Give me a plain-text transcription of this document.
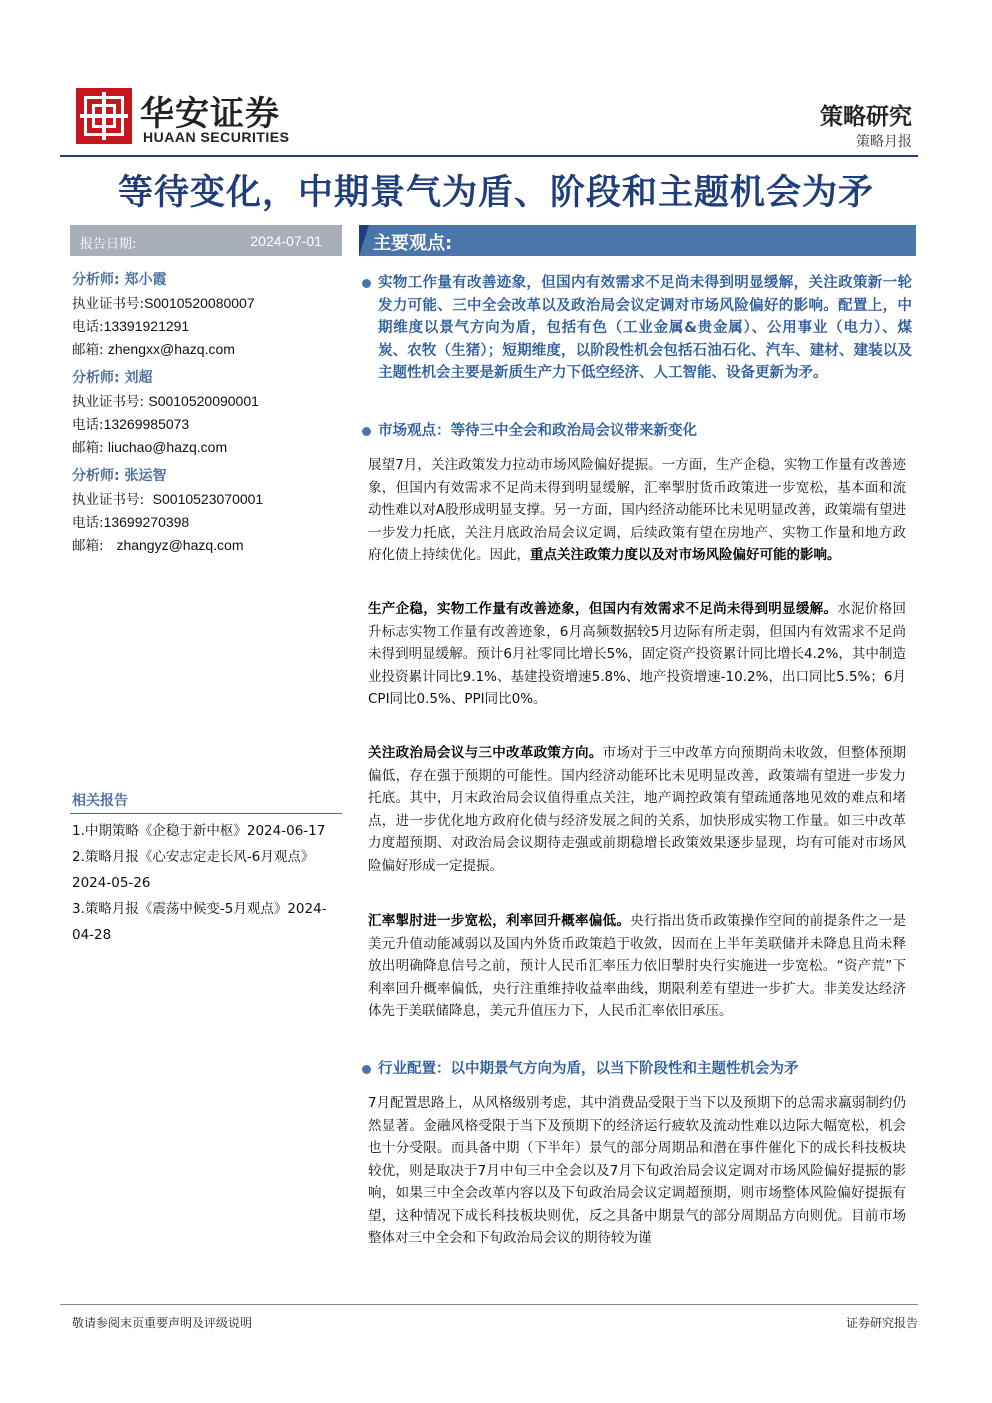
华安证券
HUAAN SECURITIES
策略研究
策略月报
等待变化，中期景气为盾、阶段和主题机会为矛
报告日期:	2024-07-01
分析师: 郑小霞
执业证书号:S0010520080007
电话:13391921291
邮箱: zhengxx@hazq.com
分析师: 刘超
执业证书号: S0010520090001
电话:13269985073
邮箱: liuchao@hazq.com
分析师: 张运智
执业证书号: S0010523070001
电话:13699270398
邮箱: zhangyz@hazq.com
相关报告
1.中期策略《企稳于新中枢》2024-06-17
2.策略月报《心安志定走长风-6月观点》2024-05-26
3.策略月报《震荡中候变-5月观点》2024-04-28
主要观点:
实物工作量有改善迹象，但国内有效需求不足尚未得到明显缓解，关注政策新一轮发力可能、三中全会改革以及政治局会议定调对市场风险偏好的影响。配置上，中期维度以景气方向为盾，包括有色（工业金属&贵金属）、公用事业（电力）、煤炭、农牧（生猪）；短期维度，以阶段性机会包括石油石化、汽车、建材、建装以及主题性机会主要是新质生产力下低空经济、人工智能、设备更新为矛。
市场观点：等待三中全会和政治局会议带来新变化
展望7月，关注政策发力拉动市场风险偏好提振。一方面，生产企稳，实物工作量有改善迹象，但国内有效需求不足尚未得到明显缓解，汇率掣肘货币政策进一步宽松，基本面和流动性难以对A股形成明显支撑。另一方面，国内经济动能环比未见明显改善，政策端有望进一步发力托底，关注月底政治局会议定调，后续政策有望在房地产、实物工作量和地方政府化债上持续优化。因此，重点关注政策力度以及对市场风险偏好可能的影响。
生产企稳，实物工作量有改善迹象，但国内有效需求不足尚未得到明显缓解。水泥价格回升标志实物工作量有改善迹象，6月高频数据较5月边际有所走弱，但国内有效需求不足尚未得到明显缓解。预计6月社零同比增长5%，固定资产投资累计同比增长4.2%，其中制造业投资累计同比9.1%、基建投资增速5.8%、地产投资增速-10.2%，出口同比5.5%；6月CPI同比0.5%、PPI同比0%。
关注政治局会议与三中改革政策方向。市场对于三中改革方向预期尚未收敛，但整体预期偏低，存在强于预期的可能性。国内经济动能环比未见明显改善，政策端有望进一步发力托底。其中，月末政治局会议值得重点关注，地产调控政策有望疏通落地见效的难点和堵点，进一步优化地方政府化债与经济发展之间的关系，加快形成实物工作量。如三中改革力度超预期、对政治局会议期待走强或前期稳增长政策效果逐步显现，均有可能对市场风险偏好形成一定提振。
汇率掣肘进一步宽松，利率回升概率偏低。央行指出货币政策操作空间的前提条件之一是美元升值动能减弱以及国内外货币政策趋于收敛，因而在上半年美联储并未降息且尚未释放出明确降息信号之前，预计人民币汇率压力依旧掣肘央行实施进一步宽松。“资产荒”下利率回升概率偏低，央行注重维持收益率曲线，期限利差有望进一步扩大。非美发达经济体先于美联储降息，美元升值压力下，人民币汇率依旧承压。
行业配置：以中期景气方向为盾，以当下阶段性和主题性机会为矛
7月配置思路上，从风格级别考虑，其中消费品受限于当下以及预期下的总需求羸弱制约仍然显著。金融风格受限于当下及预期下的经济运行疲软及流动性难以边际大幅宽松，机会也十分受限。而具备中期（下半年）景气的部分周期品和潜在事件催化下的成长科技板块较优，则是取决于7月中旬三中全会以及7月下旬政治局会议定调对市场风险偏好提振的影响，如果三中全会改革内容以及下旬政治局会议定调超预期，则市场整体风险偏好提振有望，这种情况下成长科技板块则优，反之具备中期景气的部分周期品方向则优。目前市场整体对三中全会和下旬政治局会议的期待较为谨
敬请参阅末页重要声明及评级说明	证券研究报告
